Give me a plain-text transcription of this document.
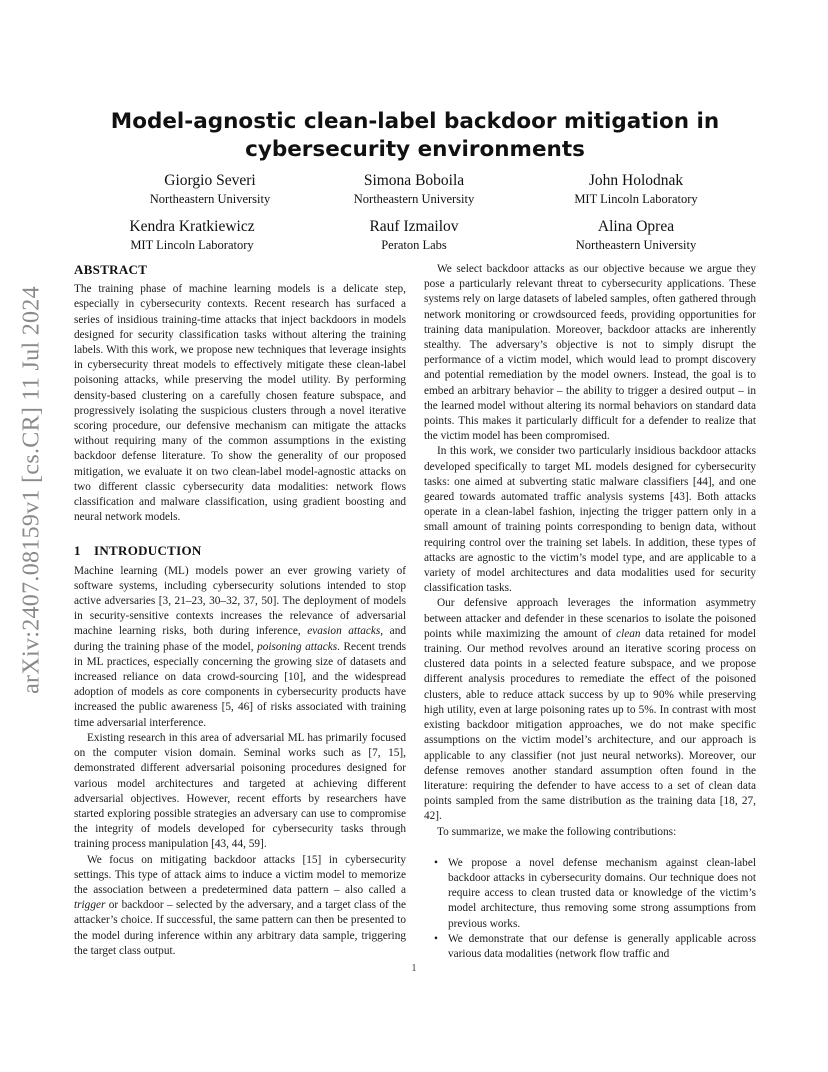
arXiv:2407.08159v1 [cs.CR] 11 Jul 2024
Model-agnostic clean-label backdoor mitigation in cybersecurity environments
Giorgio Severi
Northeastern University
Simona Boboila
Northeastern University
John Holodnak
MIT Lincoln Laboratory
Kendra Kratkiewicz
MIT Lincoln Laboratory
Rauf Izmailov
Peraton Labs
Alina Oprea
Northeastern University
ABSTRACT

The training phase of machine learning models is a delicate step, especially in cybersecurity contexts. Recent research has surfaced a series of insidious training-time attacks that inject backdoors in models designed for security classification tasks without altering the training labels. With this work, we propose new techniques that leverage insights in cybersecurity threat models to effectively mitigate these clean-label poisoning attacks, while preserving the model utility. By performing density-based clustering on a carefully chosen feature subspace, and progressively isolating the suspicious clusters through a novel iterative scoring procedure, our defensive mechanism can mitigate the attacks without requiring many of the common assumptions in the existing backdoor defense literature. To show the generality of our proposed mitigation, we evaluate it on two clean-label model-agnostic attacks on two different classic cybersecurity data modalities: network flows classification and malware classification, using gradient boosting and neural network models.

1 INTRODUCTION

Machine learning (ML) models power an ever growing variety of software systems, including cybersecurity solutions intended to stop active adversaries [3, 21–23, 30–32, 37, 50]. The deployment of models in security-sensitive contexts increases the relevance of adversarial machine learning risks, both during inference, evasion attacks, and during the training phase of the model, poisoning attacks. Recent trends in ML practices, especially concerning the growing size of datasets and increased reliance on data crowd-sourcing [10], and the widespread adoption of models as core components in cybersecurity products have increased the public awareness [5, 46] of risks associated with training time adversarial interference.

Existing research in this area of adversarial ML has primarily focused on the computer vision domain. Seminal works such as [7, 15], demonstrated different adversarial poisoning procedures designed for various model architectures and targeted at achieving different adversarial objectives. However, recent efforts by researchers have started exploring possible strategies an adversary can use to compromise the integrity of models developed for cybersecurity tasks through training process manipulation [43, 44, 59].

We focus on mitigating backdoor attacks [15] in cybersecurity settings. This type of attack aims to induce a victim model to memorize the association between a predetermined data pattern – also called a trigger or backdoor – selected by the adversary, and a target class of the attacker’s choice. If successful, the same pattern can then be presented to the model during inference within any arbitrary data sample, triggering the target class output.

We select backdoor attacks as our objective because we argue they pose a particularly relevant threat to cybersecurity applications. These systems rely on large datasets of labeled samples, often gathered through network monitoring or crowdsourced feeds, providing opportunities for training data manipulation. Moreover, backdoor attacks are inherently stealthy. The adversary’s objective is not to simply disrupt the performance of a victim model, which would lead to prompt discovery and potential remediation by the model owners. Instead, the goal is to embed an arbitrary behavior – the ability to trigger a desired output – in the learned model without altering its normal behaviors on standard data points. This makes it particularly difficult for a defender to realize that the victim model has been compromised.

In this work, we consider two particularly insidious backdoor attacks developed specifically to target ML models designed for cybersecurity tasks: one aimed at subverting static malware classifiers [44], and one geared towards automated traffic analysis systems [43]. Both attacks operate in a clean-label fashion, injecting the trigger pattern only in a small amount of training points corresponding to benign data, without requiring control over the training set labels. In addition, these types of attacks are agnostic to the victim’s model type, and are applicable to a variety of model architectures and data modalities used for security classification tasks.

Our defensive approach leverages the information asymmetry between attacker and defender in these scenarios to isolate the poisoned points while maximizing the amount of clean data retained for model training. Our method revolves around an iterative scoring process on clustered data points in a selected feature subspace, and we propose different analysis procedures to remediate the effect of the poisoned clusters, able to reduce attack success by up to 90% while preserving high utility, even at large poisoning rates up to 5%. In contrast with most existing backdoor mitigation approaches, we do not make specific assumptions on the victim model’s architecture, and our approach is applicable to any classifier (not just neural networks). Moreover, our defense removes another standard assumption often found in the literature: requiring the defender to have access to a set of clean data points sampled from the same distribution as the training data [18, 27, 42].

To summarize, we make the following contributions:

• We propose a novel defense mechanism against clean-label backdoor attacks in cybersecurity domains. Our technique does not require access to clean trusted data or knowledge of the victim’s model architecture, thus removing some strong assumptions from previous works.
• We demonstrate that our defense is generally applicable across various data modalities (network flow traffic and
1
